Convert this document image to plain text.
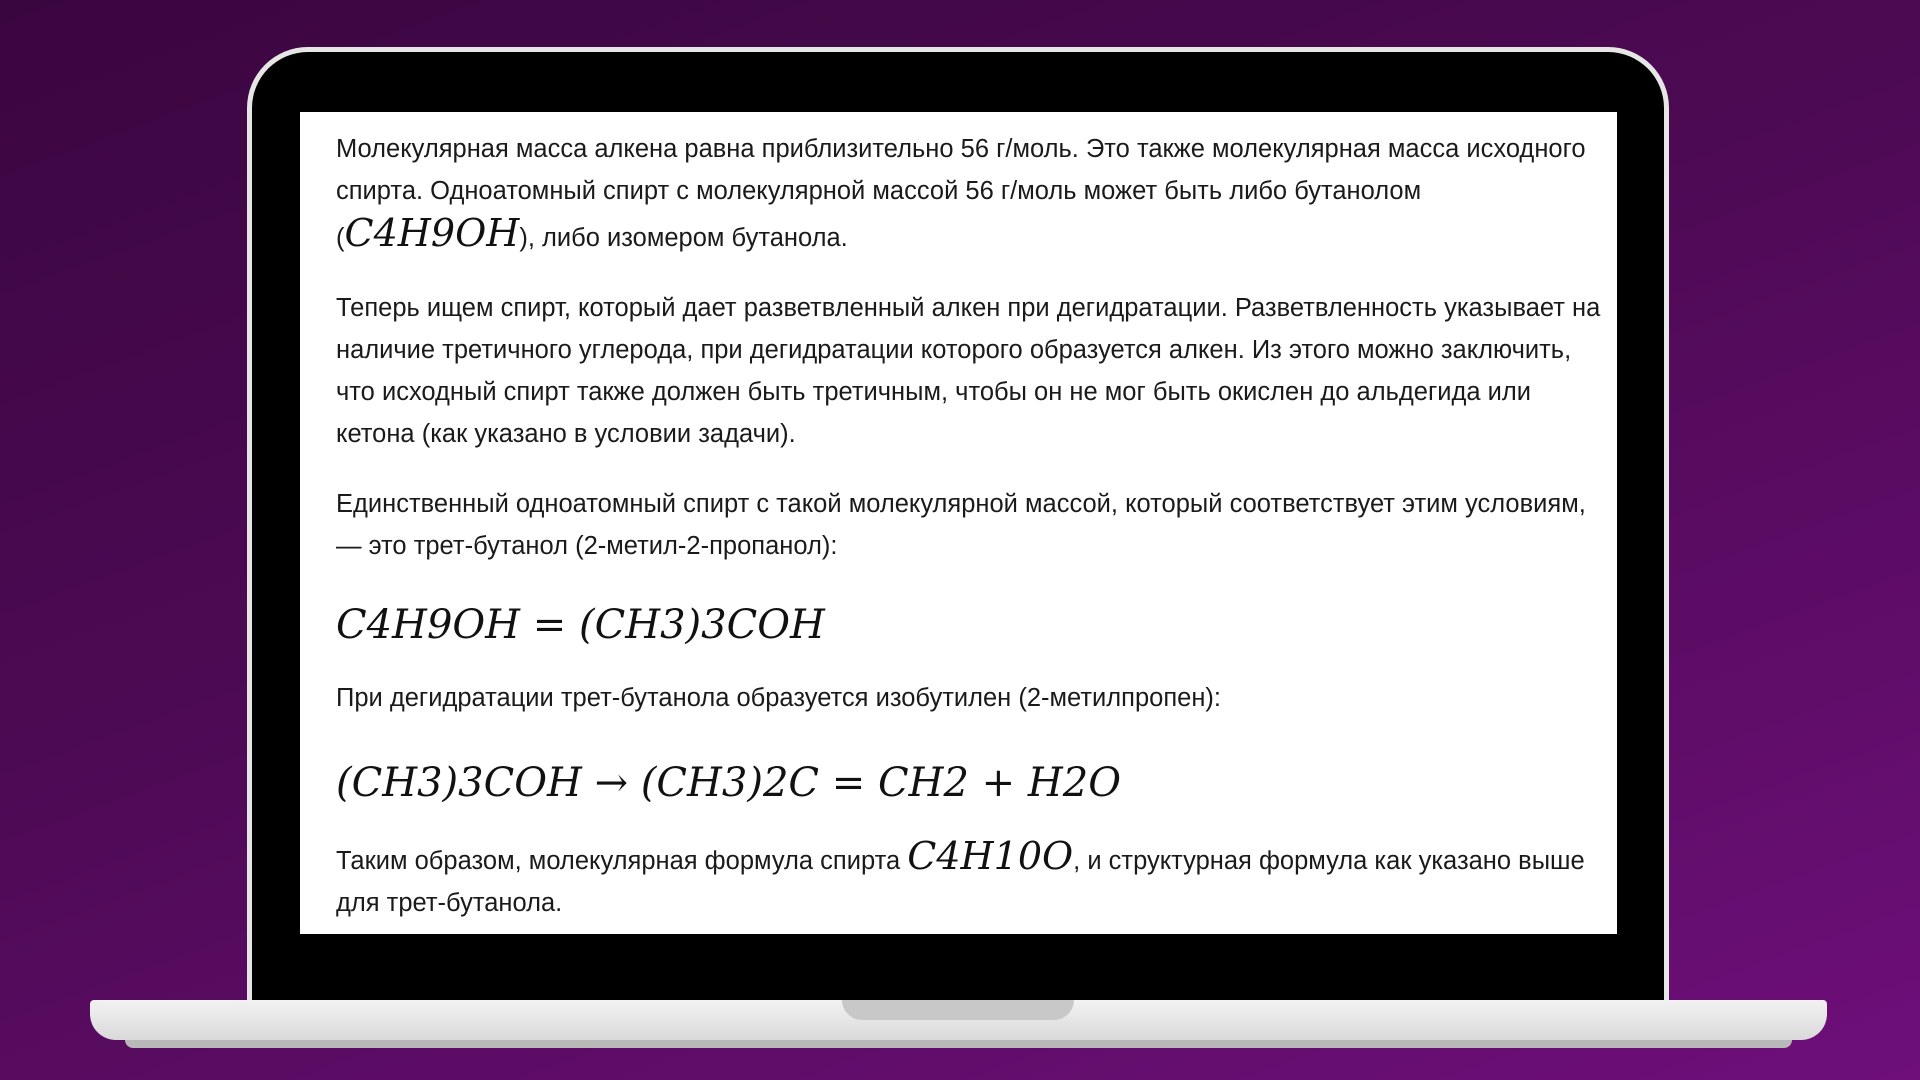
Молекулярная масса алкена равна приблизительно 56 г/моль. Это также молекулярная масса исходного спирта. Одноатомный спирт с молекулярной массой 56 г/моль может быть либо бутанолом (C4H9OH), либо изомером бутанола.

Теперь ищем спирт, который дает разветвленный алкен при дегидратации. Разветвленность указывает на наличие третичного углерода, при дегидратации которого образуется алкен. Из этого можно заключить, что исходный спирт также должен быть третичным, чтобы он не мог быть окислен до альдегида или кетона (как указано в условии задачи).

Единственный одноатомный спирт с такой молекулярной массой, который соответствует этим условиям, — это трет-бутанол (2-метил-2-пропанол):

C4H9OH = (CH3)3COH

При дегидратации трет-бутанола образуется изобутилен (2-метилпропен):

(CH3)3COH → (CH3)2C = CH2 + H2O

Таким образом, молекулярная формула спирта C4H10O, и структурная формула как указано выше для трет-бутанола.
